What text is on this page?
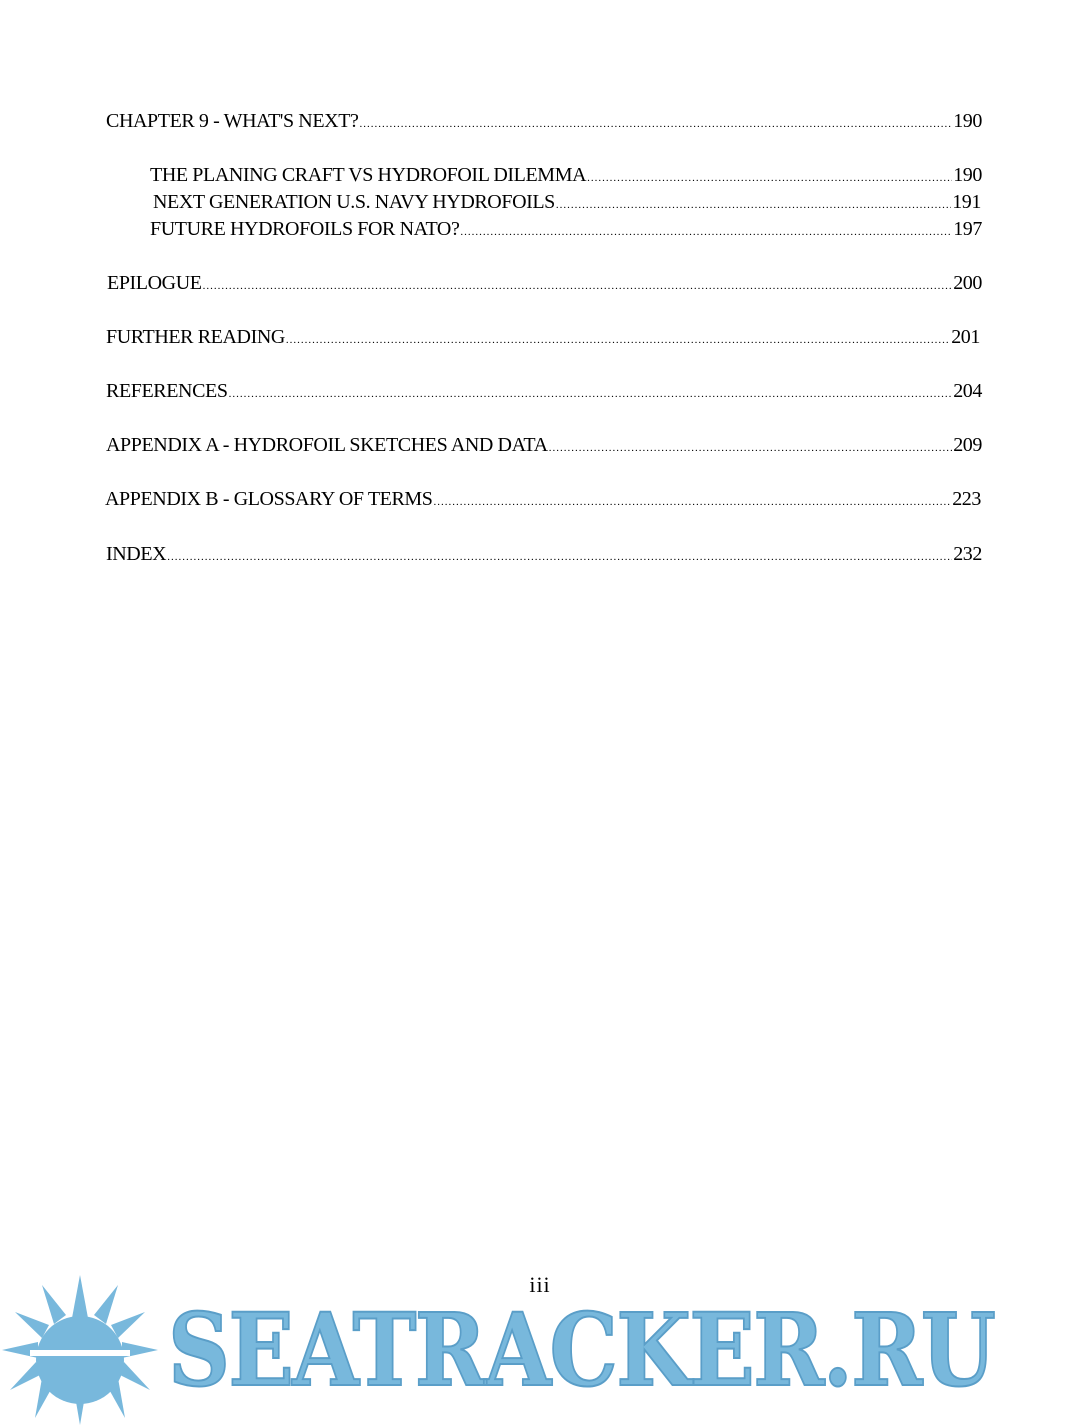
CHAPTER 9 - WHAT'S NEXT? .....	190
THE PLANING CRAFT VS HYDROFOIL DILEMMA .....	190
NEXT GENERATION U.S. NAVY HYDROFOILS .....	191
FUTURE HYDROFOILS FOR NATO? .....	197
EPILOGUE .....	200
FURTHER READING .....	201
REFERENCES .....	204
APPENDIX A - HYDROFOIL SKETCHES AND DATA .....	209
APPENDIX B - GLOSSARY OF TERMS .....	223
INDEX .....	232
iii
SEATRACKER.RU
